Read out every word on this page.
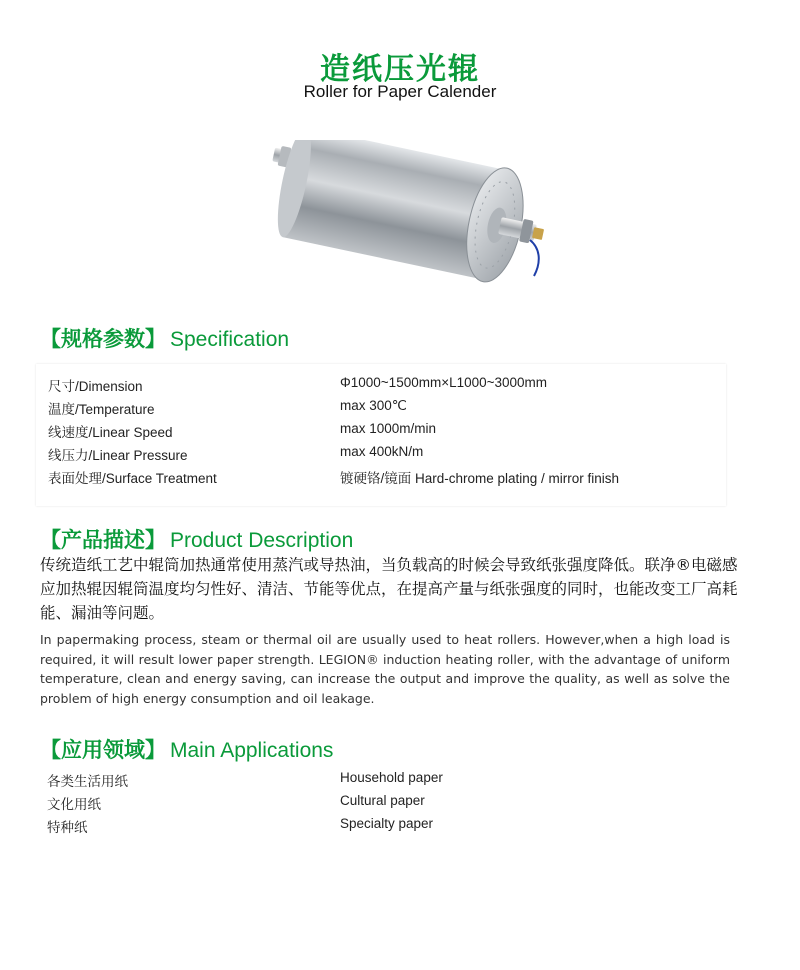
造纸压光辊
Roller for Paper Calender
【规格参数】 Specification
尺寸/Dimension	Φ1000~1500mm×L1000~3000mm
温度/Temperature	max 300℃
线速度/Linear Speed	max 1000m/min
线压力/Linear Pressure	max 400kN/m
表面处理/Surface Treatment	镀硬铬/镜面 Hard-chrome plating / mirror finish
【产品描述】 Product Description
传统造纸工艺中辊筒加热通常使用蒸汽或导热油，当负载高的时候会导致纸张强度降低。联净®电磁感应加热辊因辊筒温度均匀性好、清洁、节能等优点，在提高产量与纸张强度的同时，也能改变工厂高耗能、漏油等问题。
In papermaking process, steam or thermal oil are usually used to heat rollers. However,when a high load is required, it will result lower paper strength. LEGION® induction heating roller, with the advantage of uniform temperature, clean and energy saving, can increase the output and improve the quality, as well as solve the problem of high energy consumption and oil leakage.
【应用领域】 Main Applications
各类生活用纸	Household paper
文化用纸	Cultural paper
特种纸	Specialty paper
